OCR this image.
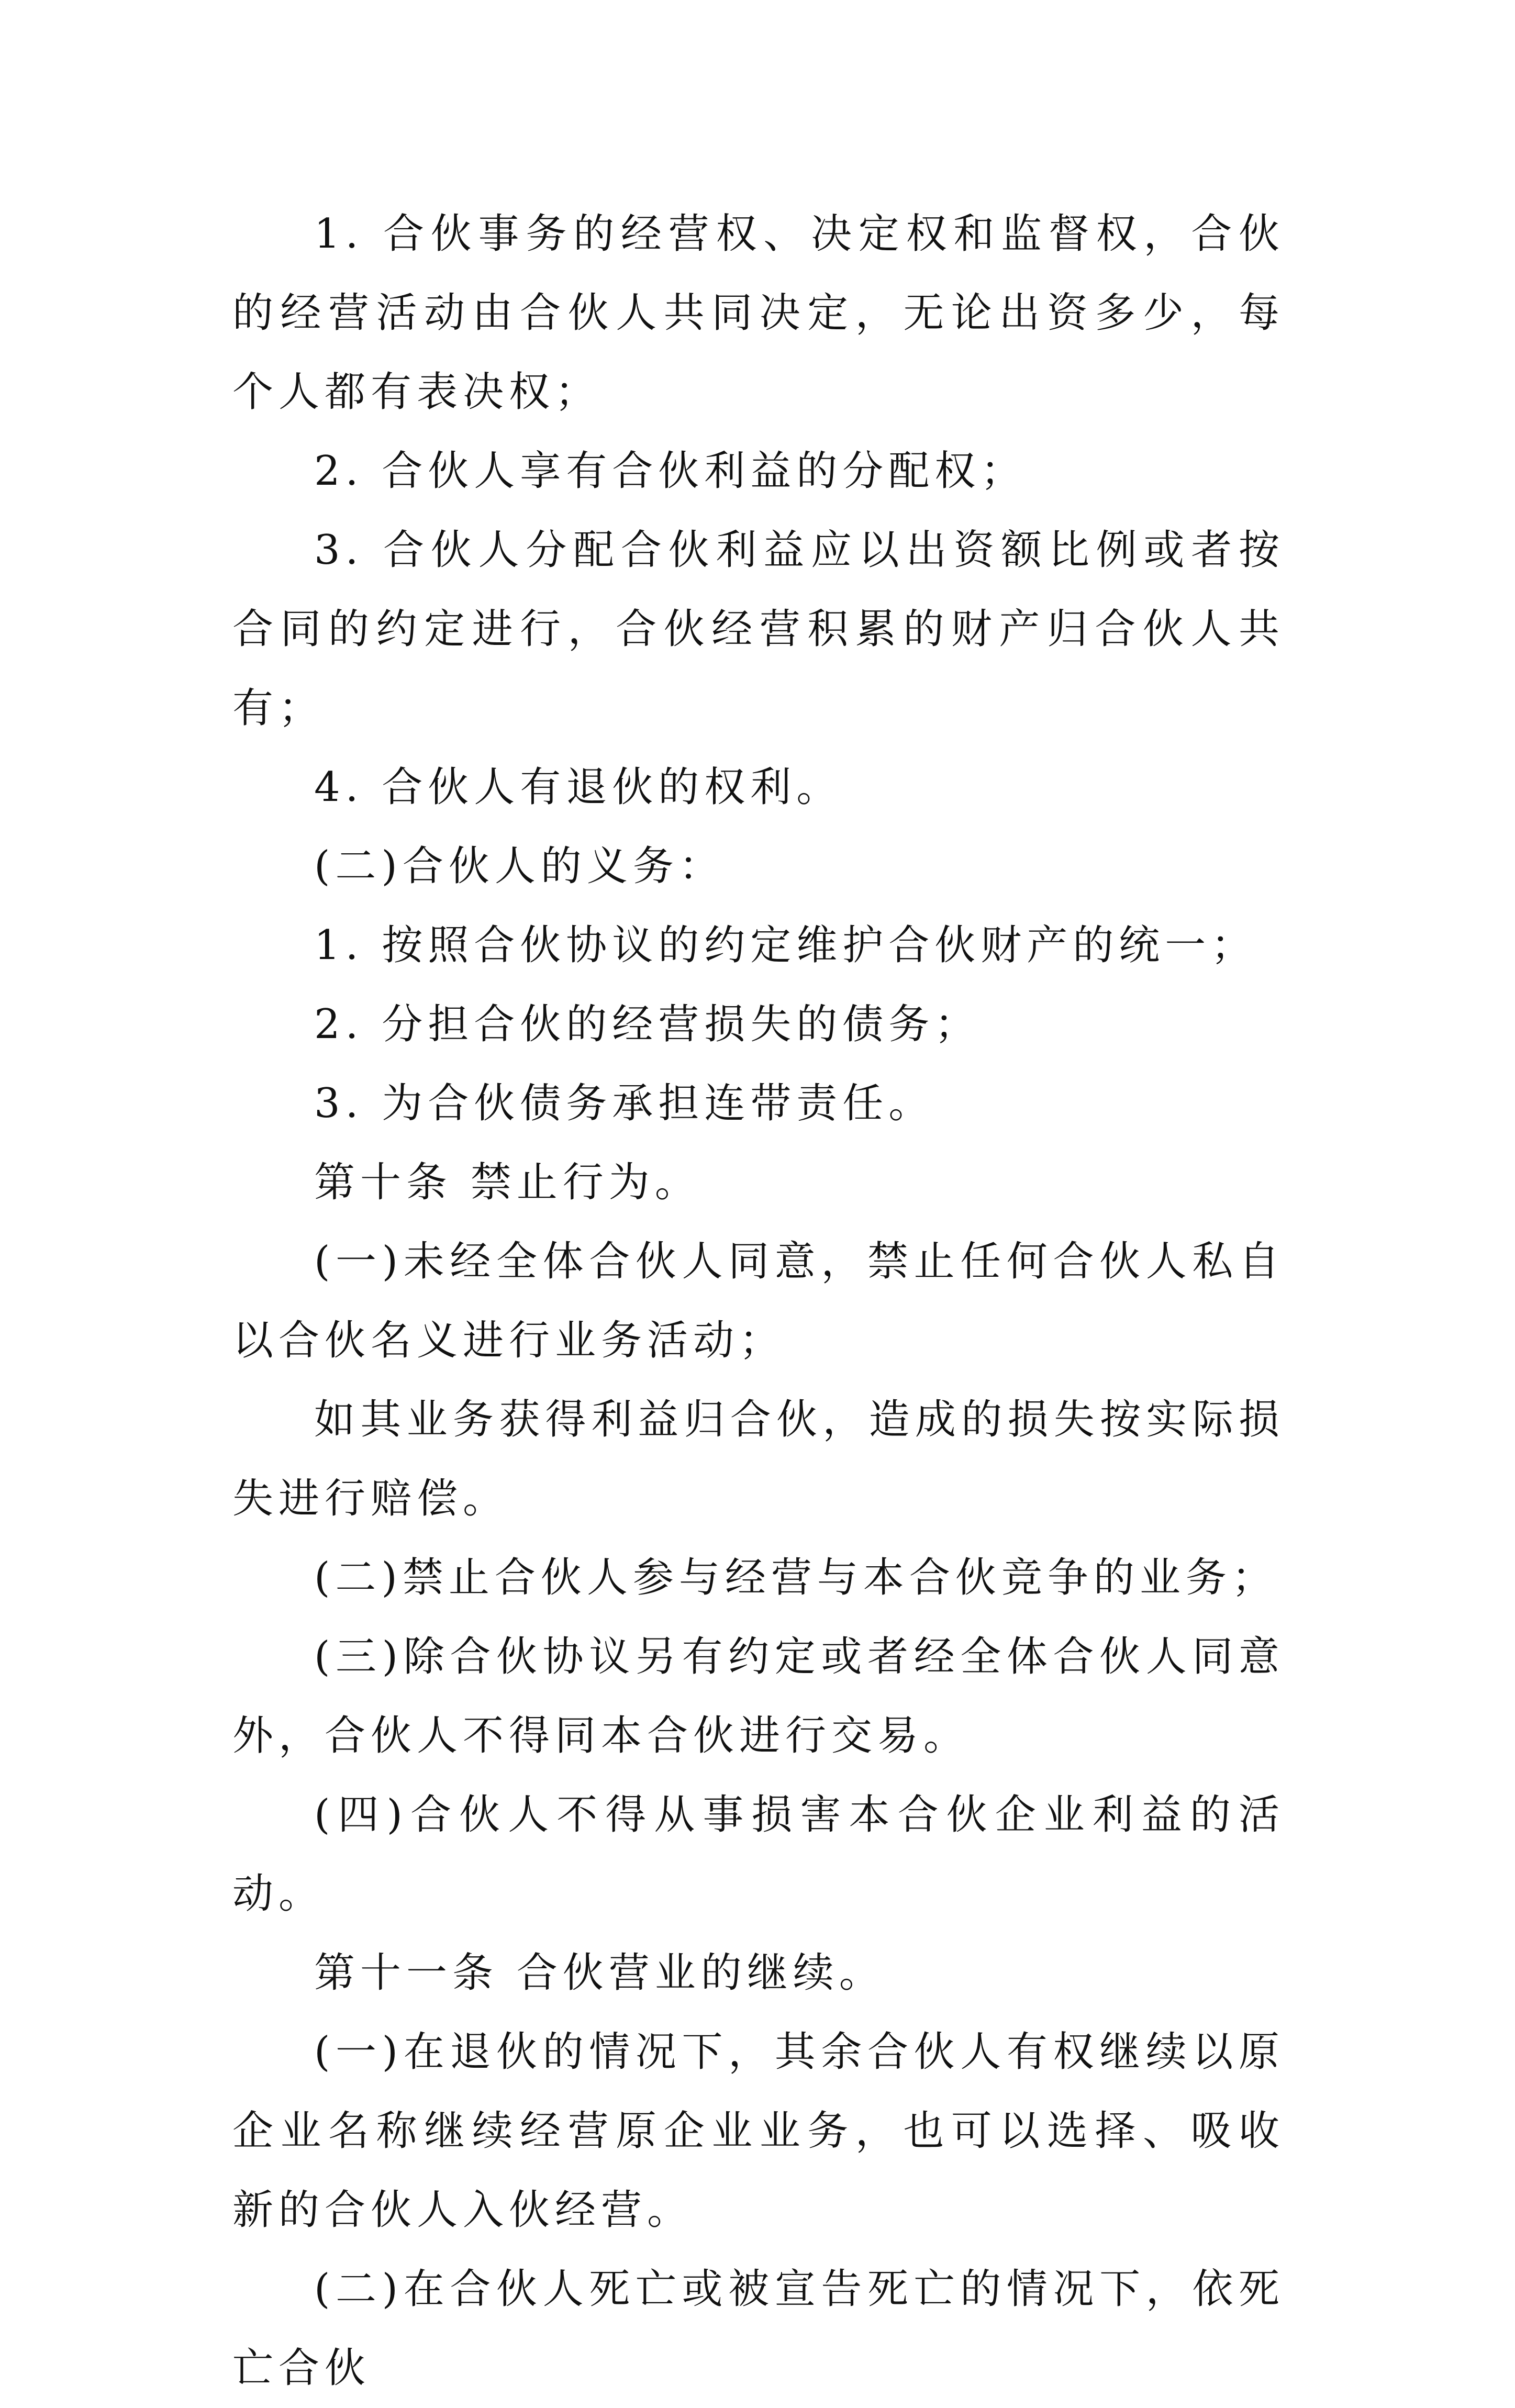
1. 合伙事务的经营权、决定权和监督权，合伙的经营活动由合伙人共同决定，无论出资多少，每个人都有表决权；

2. 合伙人享有合伙利益的分配权；

3. 合伙人分配合伙利益应以出资额比例或者按合同的约定进行，合伙经营积累的财产归合伙人共有；

4. 合伙人有退伙的权利。

(二)合伙人的义务：

1. 按照合伙协议的约定维护合伙财产的统一；

2. 分担合伙的经营损失的债务；

3. 为合伙债务承担连带责任。

第十条 禁止行为。

(一)未经全体合伙人同意，禁止任何合伙人私自以合伙名义进行业务活动；

如其业务获得利益归合伙，造成的损失按实际损失进行赔偿。

(二)禁止合伙人参与经营与本合伙竞争的业务；

(三)除合伙协议另有约定或者经全体合伙人同意外，合伙人不得同本合伙进行交易。

(四)合伙人不得从事损害本合伙企业利益的活动。

第十一条 合伙营业的继续。

(一)在退伙的情况下，其余合伙人有权继续以原企业名称继续经营原企业业务，也可以选择、吸收新的合伙人入伙经营。

(二)在合伙人死亡或被宣告死亡的情况下，依死亡合伙
